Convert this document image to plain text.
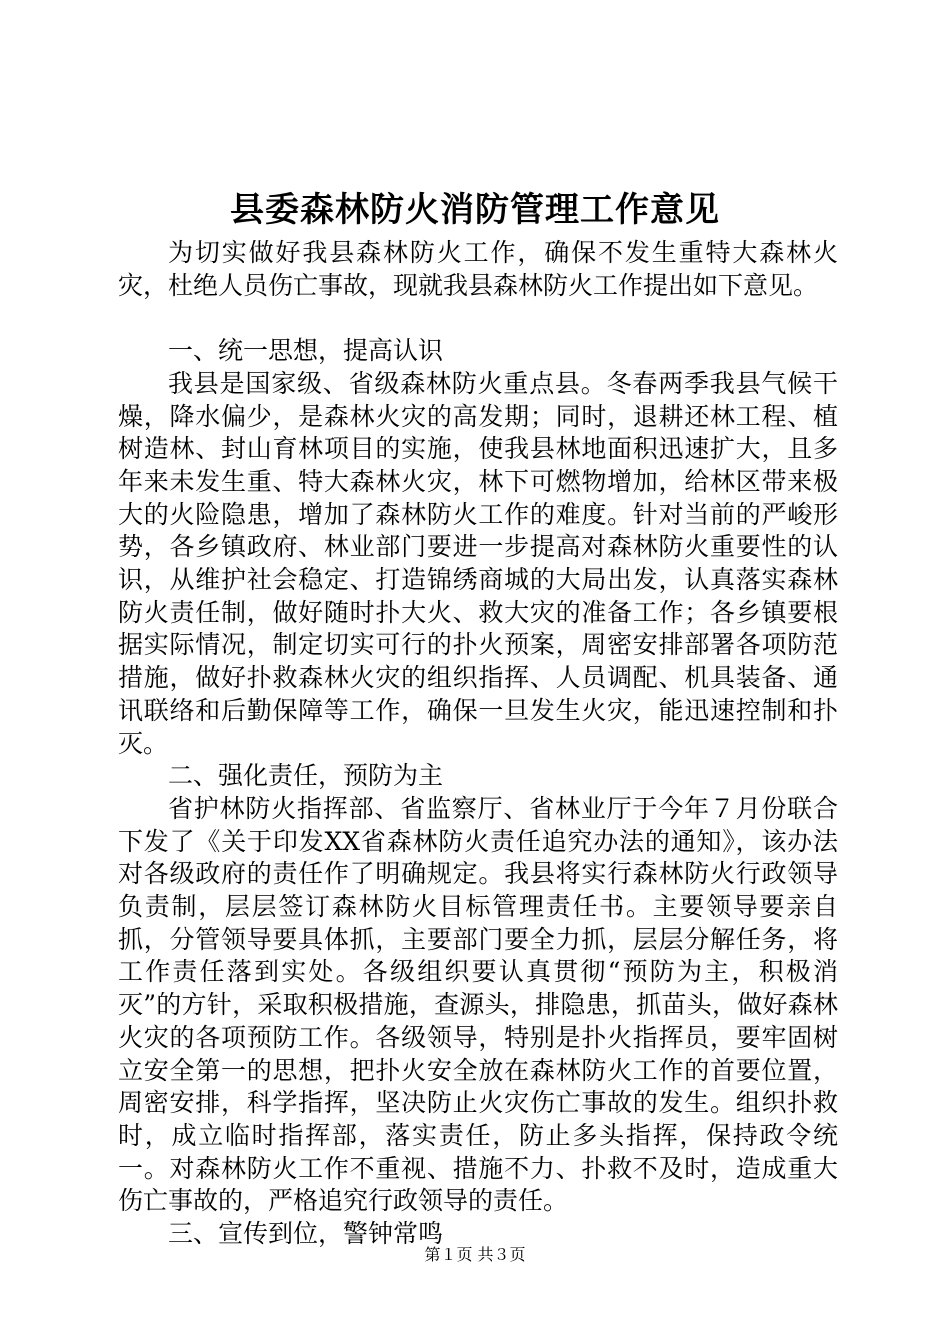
县委森林防火消防管理工作意见

为切实做好我县森林防火工作，确保不发生重特大森林火灾，杜绝人员伤亡事故，现就我县森林防火工作提出如下意见。

一、统一思想，提高认识

我县是国家级、省级森林防火重点县。冬春两季我县气候干燥，降水偏少，是森林火灾的高发期；同时，退耕还林工程、植树造林、封山育林项目的实施，使我县林地面积迅速扩大，且多年来未发生重、特大森林火灾，林下可燃物增加，给林区带来极大的火险隐患，增加了森林防火工作的难度。针对当前的严峻形势，各乡镇政府、林业部门要进一步提高对森林防火重要性的认识，从维护社会稳定、打造锦绣商城的大局出发，认真落实森林防火责任制，做好随时扑大火、救大灾的准备工作；各乡镇要根据实际情况，制定切实可行的扑火预案，周密安排部署各项防范措施，做好扑救森林火灾的组织指挥、人员调配、机具装备、通讯联络和后勤保障等工作，确保一旦发生火灾，能迅速控制和扑灭。

二、强化责任，预防为主

省护林防火指挥部、省监察厅、省林业厅于今年７月份联合下发了《关于印发XX省森林防火责任追究办法的通知》，该办法对各级政府的责任作了明确规定。我县将实行森林防火行政领导负责制，层层签订森林防火目标管理责任书。主要领导要亲自抓，分管领导要具体抓，主要部门要全力抓，层层分解任务，将工作责任落到实处。各级组织要认真贯彻“预防为主，积极消灭”的方针，采取积极措施，查源头，排隐患，抓苗头，做好森林火灾的各项预防工作。各级领导，特别是扑火指挥员，要牢固树立安全第一的思想，把扑火安全放在森林防火工作的首要位置，周密安排，科学指挥，坚决防止火灾伤亡事故的发生。组织扑救时，成立临时指挥部，落实责任，防止多头指挥，保持政令统一。对森林防火工作不重视、措施不力、扑救不及时，造成重大伤亡事故的，严格追究行政领导的责任。

三、宣传到位，警钟常鸣

第１页 共３页
